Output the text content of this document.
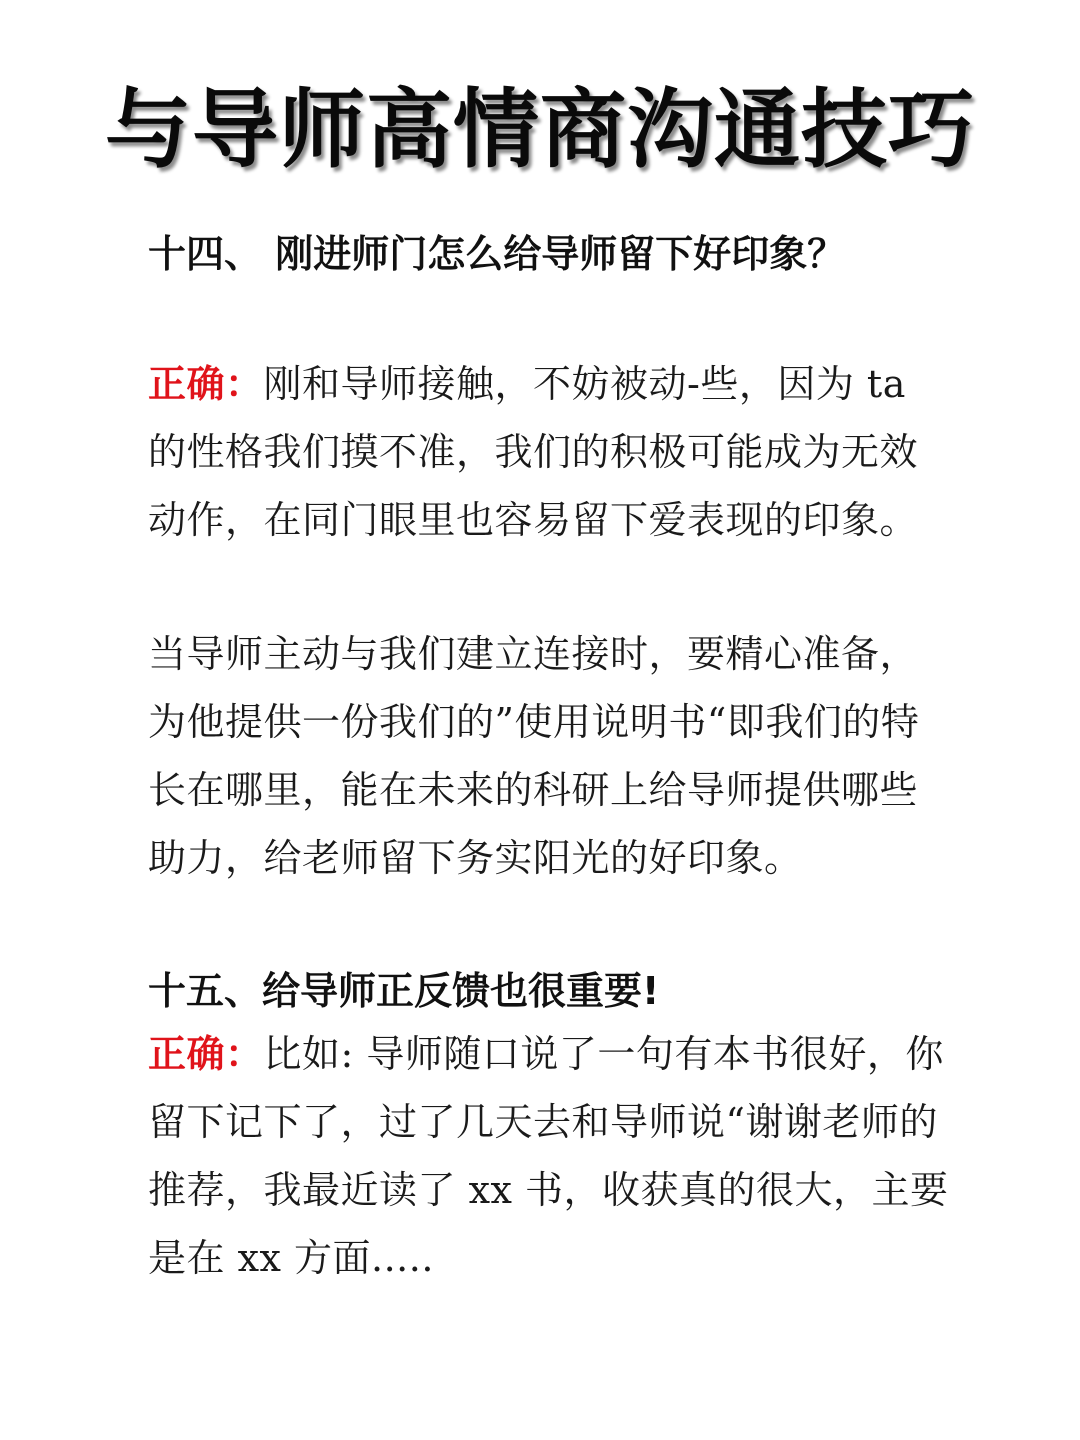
与导师高情商沟通技巧
十四、 刚进师门怎么给导师留下好印象？
正确：刚和导师接触，不妨被动-些，因为 ta
的性格我们摸不准，我们的积极可能成为无效
动作，在同门眼里也容易留下爱表现的印象。
当导师主动与我们建立连接时，要精心准备，
为他提供一份我们的”使用说明书“即我们的特
长在哪里，能在未来的科研上给导师提供哪些
助力，给老师留下务实阳光的好印象。
十五、给导师正反馈也很重要!
正确：比如: 导师随口说了一句有本书很好，你
留下记下了，过了几天去和导师说“谢谢老师的
推荐，我最近读了 xx 书，收获真的很大，主要
是在 xx 方面.....
